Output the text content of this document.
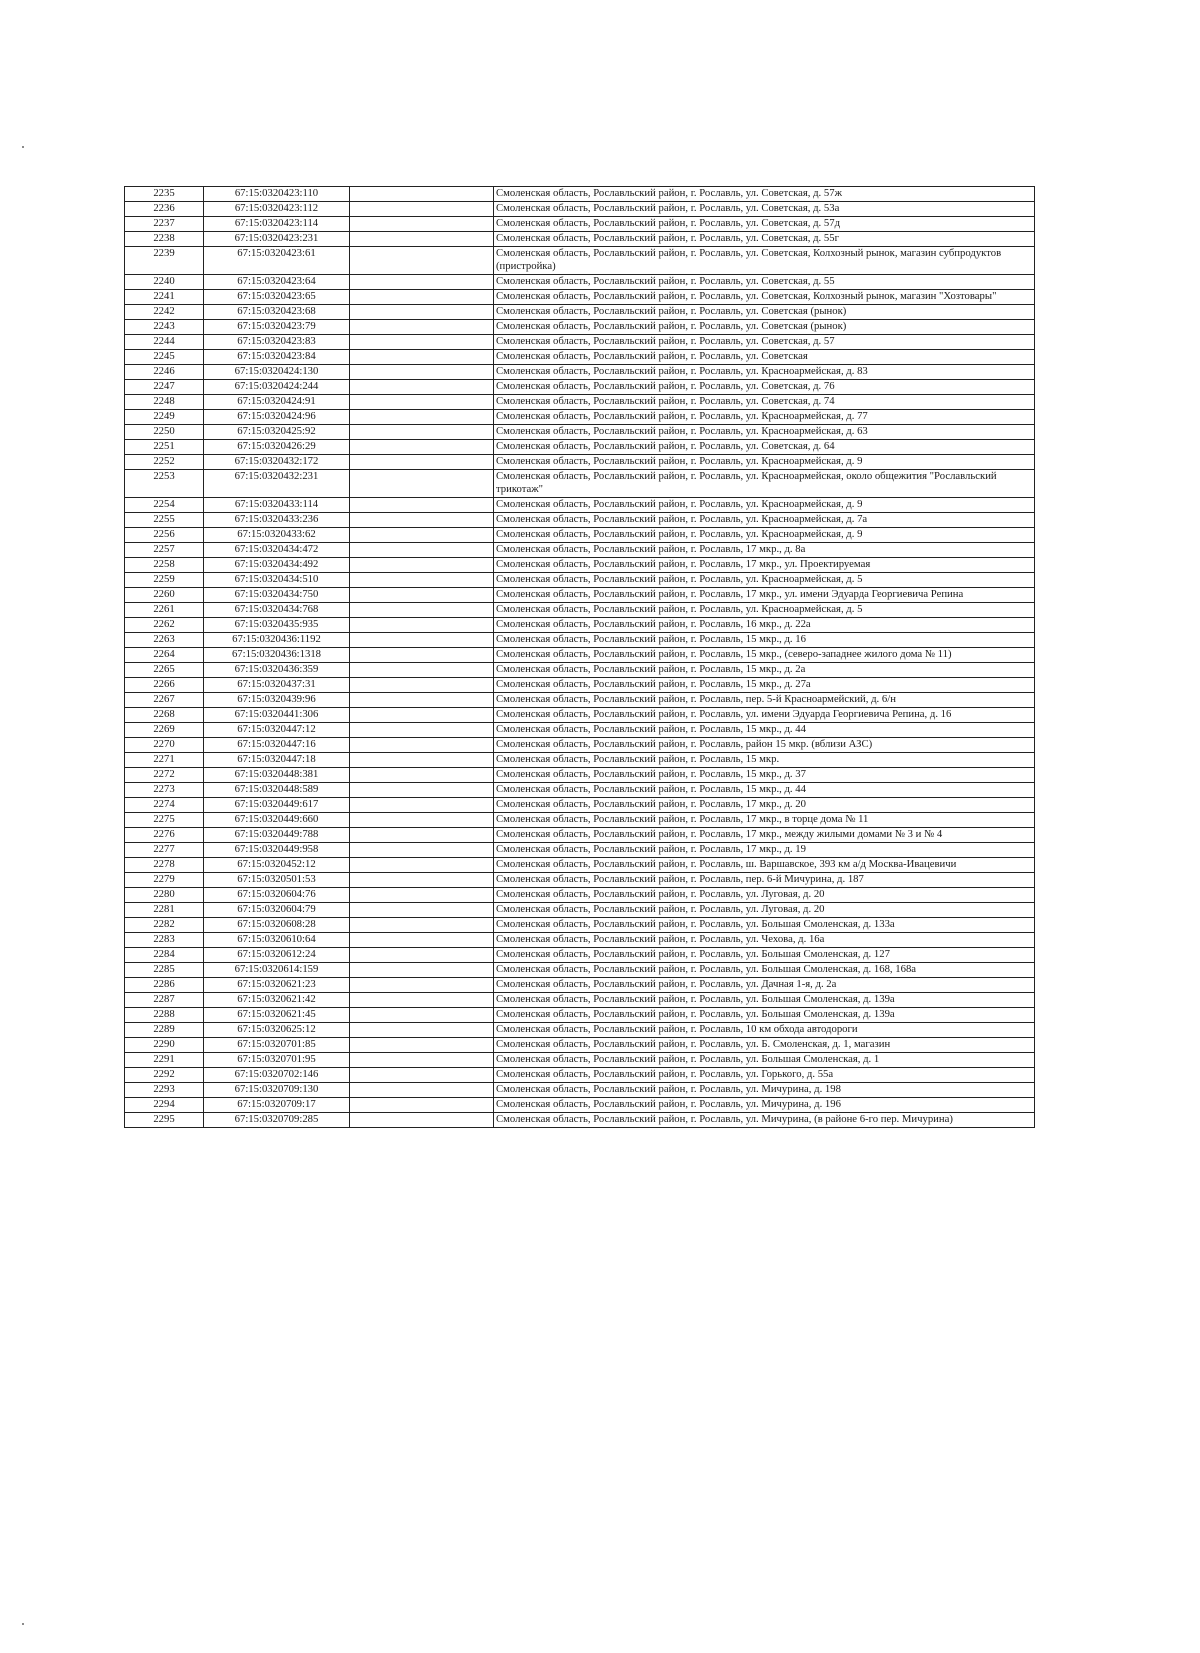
2235	67:15:0320423:110		Смоленская область, Рославльский район, г. Рославль, ул. Советская, д. 57ж
2236	67:15:0320423:112		Смоленская область, Рославльский район, г. Рославль, ул. Советская, д. 53а
2237	67:15:0320423:114		Смоленская область, Рославльский район, г. Рославль, ул. Советская, д. 57д
2238	67:15:0320423:231		Смоленская область, Рославльский район, г. Рославль, ул. Советская, д. 55г
2239	67:15:0320423:61		Смоленская область, Рославльский район, г. Рославль, ул. Советская, Колхозный рынок, магазин субпродуктов (пристройка)
2240	67:15:0320423:64		Смоленская область, Рославльский район, г. Рославль, ул. Советская, д. 55
2241	67:15:0320423:65		Смоленская область, Рославльский район, г. Рославль, ул. Советская, Колхозный рынок, магазин "Хозтовары"
2242	67:15:0320423:68		Смоленская область, Рославльский район, г. Рославль, ул. Советская (рынок)
2243	67:15:0320423:79		Смоленская область, Рославльский район, г. Рославль, ул. Советская (рынок)
2244	67:15:0320423:83		Смоленская область, Рославльский район, г. Рославль, ул. Советская, д. 57
2245	67:15:0320423:84		Смоленская область, Рославльский район, г. Рославль, ул. Советская
2246	67:15:0320424:130		Смоленская область, Рославльский район, г. Рославль, ул. Красноармейская, д. 83
2247	67:15:0320424:244		Смоленская область, Рославльский район, г. Рославль, ул. Советская, д. 76
2248	67:15:0320424:91		Смоленская область, Рославльский район, г. Рославль, ул. Советская, д. 74
2249	67:15:0320424:96		Смоленская область, Рославльский район, г. Рославль, ул. Красноармейская, д. 77
2250	67:15:0320425:92		Смоленская область, Рославльский район, г. Рославль, ул. Красноармейская, д. 63
2251	67:15:0320426:29		Смоленская область, Рославльский район, г. Рославль, ул. Советская, д. 64
2252	67:15:0320432:172		Смоленская область, Рославльский район, г. Рославль, ул. Красноармейская, д. 9
2253	67:15:0320432:231		Смоленская область, Рославльский район, г. Рославль, ул. Красноармейская, около общежития "Рославльский трикотаж"
2254	67:15:0320433:114		Смоленская область, Рославльский район, г. Рославль, ул. Красноармейская, д. 9
2255	67:15:0320433:236		Смоленская область, Рославльский район, г. Рославль, ул. Красноармейская, д. 7а
2256	67:15:0320433:62		Смоленская область, Рославльский район, г. Рославль, ул. Красноармейская, д. 9
2257	67:15:0320434:472		Смоленская область, Рославльский район, г. Рославль, 17 мкр., д. 8а
2258	67:15:0320434:492		Смоленская область, Рославльский район, г. Рославль, 17 мкр., ул. Проектируемая
2259	67:15:0320434:510		Смоленская область, Рославльский район, г. Рославль, ул. Красноармейская, д. 5
2260	67:15:0320434:750		Смоленская область, Рославльский район, г. Рославль, 17 мкр., ул. имени Эдуарда Георгиевича Репина
2261	67:15:0320434:768		Смоленская область, Рославльский район, г. Рославль, ул. Красноармейская, д. 5
2262	67:15:0320435:935		Смоленская область, Рославльский район, г. Рославль, 16 мкр., д. 22а
2263	67:15:0320436:1192		Смоленская область, Рославльский район, г. Рославль, 15 мкр., д. 16
2264	67:15:0320436:1318		Смоленская область, Рославльский район, г. Рославль, 15 мкр., (северо-западнее жилого дома № 11)
2265	67:15:0320436:359		Смоленская область, Рославльский район, г. Рославль, 15 мкр., д. 2а
2266	67:15:0320437:31		Смоленская область, Рославльский район, г. Рославль, 15 мкр., д. 27а
2267	67:15:0320439:96		Смоленская область, Рославльский район, г. Рославль, пер. 5-й Красноармейский, д. 6/н
2268	67:15:0320441:306		Смоленская область, Рославльский район, г. Рославль, ул. имени Эдуарда Георгиевича Репина, д. 16
2269	67:15:0320447:12		Смоленская область, Рославльский район, г. Рославль, 15 мкр., д. 44
2270	67:15:0320447:16		Смоленская область, Рославльский район, г. Рославль, район 15 мкр. (вблизи АЗС)
2271	67:15:0320447:18		Смоленская область, Рославльский район, г. Рославль, 15 мкр.
2272	67:15:0320448:381		Смоленская область, Рославльский район, г. Рославль, 15 мкр., д. 37
2273	67:15:0320448:589		Смоленская область, Рославльский район, г. Рославль, 15 мкр., д. 44
2274	67:15:0320449:617		Смоленская область, Рославльский район, г. Рославль, 17 мкр., д. 20
2275	67:15:0320449:660		Смоленская область, Рославльский район, г. Рославль, 17 мкр., в торце дома № 11
2276	67:15:0320449:788		Смоленская область, Рославльский район, г. Рославль, 17 мкр., между жилыми домами № 3 и № 4
2277	67:15:0320449:958		Смоленская область, Рославльский район, г. Рославль, 17 мкр., д. 19
2278	67:15:0320452:12		Смоленская область, Рославльский район, г. Рославль, ш. Варшавское, 393 км а/д Москва-Ивацевичи
2279	67:15:0320501:53		Смоленская область, Рославльский район, г. Рославль, пер. 6-й Мичурина, д. 187
2280	67:15:0320604:76		Смоленская область, Рославльский район, г. Рославль, ул. Луговая, д. 20
2281	67:15:0320604:79		Смоленская область, Рославльский район, г. Рославль, ул. Луговая, д. 20
2282	67:15:0320608:28		Смоленская область, Рославльский район, г. Рославль, ул. Большая Смоленская, д. 133а
2283	67:15:0320610:64		Смоленская область, Рославльский район, г. Рославль, ул. Чехова, д. 16а
2284	67:15:0320612:24		Смоленская область, Рославльский район, г. Рославль, ул. Большая Смоленская, д. 127
2285	67:15:0320614:159		Смоленская область, Рославльский район, г. Рославль, ул. Большая Смоленская, д. 168, 168а
2286	67:15:0320621:23		Смоленская область, Рославльский район, г. Рославль, ул. Дачная 1-я, д. 2а
2287	67:15:0320621:42		Смоленская область, Рославльский район, г. Рославль, ул. Большая Смоленская, д. 139а
2288	67:15:0320621:45		Смоленская область, Рославльский район, г. Рославль, ул. Большая Смоленская, д. 139а
2289	67:15:0320625:12		Смоленская область, Рославльский район, г. Рославль, 10 км обхода автодороги
2290	67:15:0320701:85		Смоленская область, Рославльский район, г. Рославль, ул. Б. Смоленская, д. 1, магазин
2291	67:15:0320701:95		Смоленская область, Рославльский район, г. Рославль, ул. Большая Смоленская, д. 1
2292	67:15:0320702:146		Смоленская область, Рославльский район, г. Рославль, ул. Горького, д. 55а
2293	67:15:0320709:130		Смоленская область, Рославльский район, г. Рославль, ул. Мичурина, д. 198
2294	67:15:0320709:17		Смоленская область, Рославльский район, г. Рославль, ул. Мичурина, д. 196
2295	67:15:0320709:285		Смоленская область, Рославльский район, г. Рославль, ул. Мичурина, (в районе 6-го пер. Мичурина)
